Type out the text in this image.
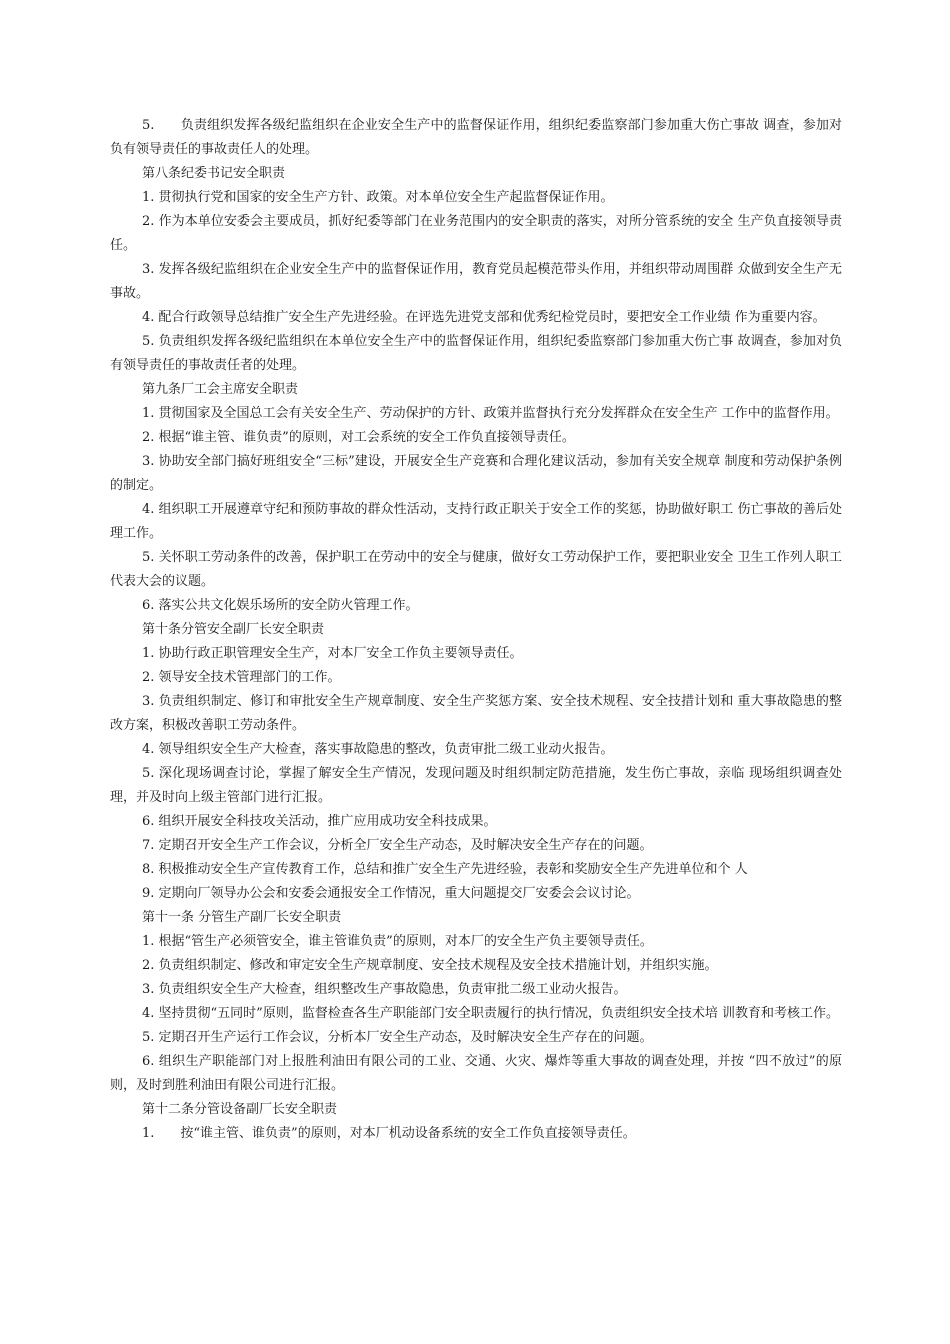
5.　　负责组织发挥各级纪监组织在企业安全生产中的监督保证作用，组织纪委监察部门参加重大伤亡事故 调查，参加对负有领导责任的事故责任人的处理。

第八条纪委书记安全职责

1. 贯彻执行党和国家的安全生产方针、政策。对本单位安全生产起监督保证作用。

2. 作为本单位安委会主要成员，抓好纪委等部门在业务范围内的安全职责的落实，对所分管系统的安全 生产负直接领导责任。

3. 发挥各级纪监组织在企业安全生产中的监督保证作用，教育党员起模范带头作用，并组织带动周围群 众做到安全生产无事故。

4. 配合行政领导总结推广安全生产先进经验。在评选先进党支部和优秀纪检党员时，要把安全工作业绩 作为重要内容。

5. 负责组织发挥各级纪监组织在本单位安全生产中的监督保证作用，组织纪委监察部门参加重大伤亡事 故调查，参加对负有领导责任的事故责任者的处理。

第九条厂工会主席安全职责

1. 贯彻国家及全国总工会有关安全生产、劳动保护的方针、政策并监督执行充分发挥群众在安全生产 工作中的监督作用。

2. 根据“谁主管、谁负责”的原则，对工会系统的安全工作负直接领导责任。

3. 协助安全部门搞好班组安全“三标”建设，开展安全生产竞赛和合理化建议活动，参加有关安全规章 制度和劳动保护条例的制定。

4. 组织职工开展遵章守纪和预防事故的群众性活动，支持行政正职关于安全工作的奖惩，协助做好职工 伤亡事故的善后处理工作。

5. 关怀职工劳动条件的改善，保护职工在劳动中的安全与健康，做好女工劳动保护工作，要把职业安全 卫生工作列人职工代表大会的议题。

6. 落实公共文化娱乐场所的安全防火管理工作。

第十条分管安全副厂长安全职责

1. 协助行政正职管理安全生产，对本厂安全工作负主要领导责任。

2. 领导安全技术管理部门的工作。

3. 负责组织制定、修订和审批安全生产规章制度、安全生产奖惩方案、安全技术规程、安全技措计划和 重大事故隐患的整改方案，积极改善职工劳动条件。

4. 领导组织安全生产大检查，落实事故隐患的整改，负责审批二级工业动火报告。

5. 深化现场调查讨论，掌握了解安全生产情况，发现问题及时组织制定防范措施，发生伤亡事故，亲临 现场组织调查处理，并及时向上级主管部门进行汇报。

6. 组织开展安全科技攻关活动，推广应用成功安全科技成果。

7. 定期召开安全生产工作会议，分析全厂安全生产动态，及时解决安全生产存在的问题。

8. 积极推动安全生产宣传教育工作，总结和推广安全生产先进经验，表彰和奖励安全生产先进单位和个 人

9. 定期向厂领导办公会和安委会通报安全工作情况，重大问题提交厂安委会会议讨论。

第十一条 分管生产副厂长安全职责

1. 根据“管生产必须管安全，谁主管谁负责”的原则，对本厂的安全生产负主要领导责任。

2. 负责组织制定、修改和审定安全生产规章制度、安全技术规程及安全技术措施计划，并组织实施。

3. 负责组织安全生产大检查，组织整改生产事故隐患，负责审批二级工业动火报告。

4. 坚持贯彻“五同时”原则，监督检查各生产职能部门安全职责履行的执行情况，负责组织安全技术培 训教育和考核工作。

5. 定期召开生产运行工作会议，分析本厂安全生产动态，及时解决安全生产存在的问题。

6. 组织生产职能部门对上报胜利油田有限公司的工业、交通、火灾、爆炸等重大事故的调查处理，并按 “四不放过”的原则，及时到胜利油田有限公司进行汇报。

第十二条分管设备副厂长安全职责

1.　　按“谁主管、谁负责”的原则，对本厂机动设备系统的安全工作负直接领导责任。
